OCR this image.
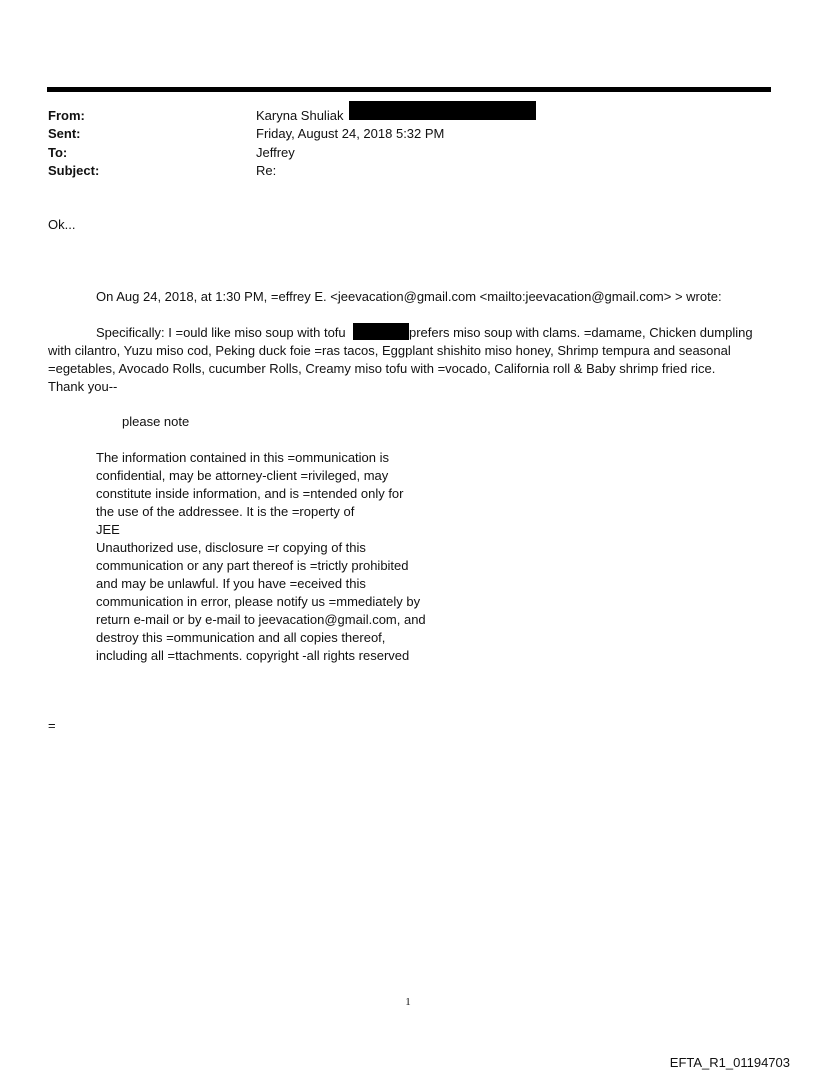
From:	Karyna Shuliak
Sent:	Friday, August 24, 2018 5:32 PM
To:	Jeffrey
Subject:	Re:
Ok...
On Aug 24, 2018, at 1:30 PM, =effrey E. <jeevacation@gmail.com <mailto:jeevacation@gmail.com> > wrote:
Specifically: I =ould like miso soup with tofu	prefers miso soup with clams. =damame, Chicken dumpling
with cilantro, Yuzu miso cod, Peking duck foie =ras tacos, Eggplant shishito miso honey, Shrimp tempura and seasonal
=egetables, Avocado Rolls, cucumber Rolls, Creamy miso tofu with =vocado, California roll & Baby shrimp fried rice.
Thank you--
please note
The information contained in this =ommunication is
confidential, may be attorney-client =rivileged, may
constitute inside information, and is =ntended only for
the use of the addressee. It is the =roperty of
JEE
Unauthorized use, disclosure =r copying of this
communication or any part thereof is =trictly prohibited
and may be unlawful. If you have =eceived this
communication in error, please notify us =mmediately by
return e-mail or by e-mail to jeevacation@gmail.com, and
destroy this =ommunication and all copies thereof,
including all =ttachments. copyright -all rights reserved
=
1
EFTA_R1_01194703
